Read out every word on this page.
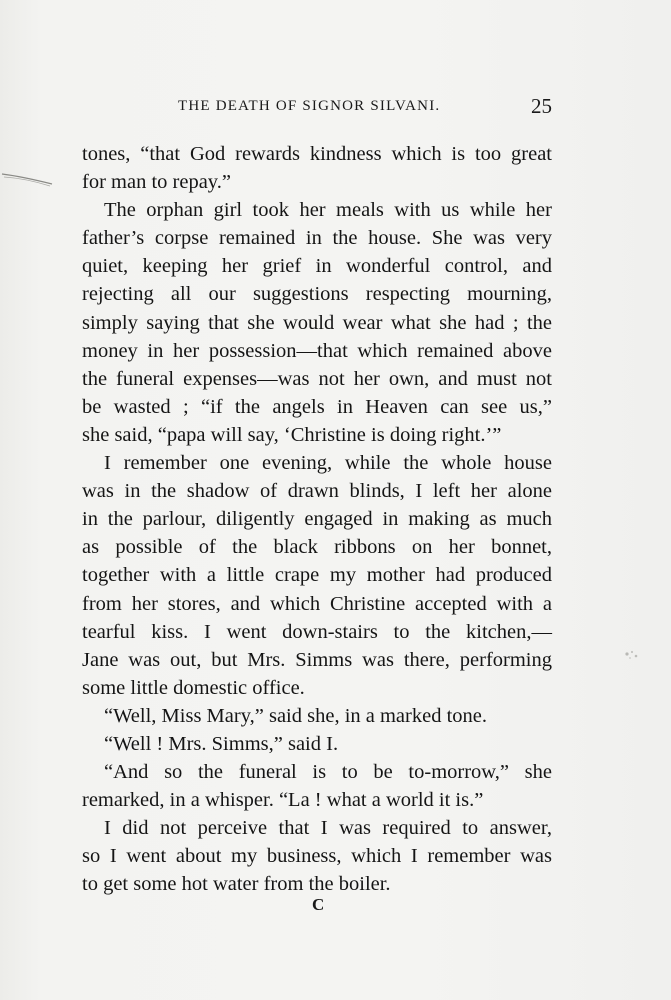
THE DEATH OF SIGNOR SILVANI.	25
tones, “that God rewards kindness which is too great
for man to repay.”
The orphan girl took her meals with us while her
father’s corpse remained in the house. She was very
quiet, keeping her grief in wonderful control, and
rejecting all our suggestions respecting mourning,
simply saying that she would wear what she had ; the
money in her possession—that which remained above
the funeral expenses—was not her own, and must not
be wasted ; “if the angels in Heaven can see us,”
she said, “papa will say, ‘Christine is doing right.’”
I remember one evening, while the whole house
was in the shadow of drawn blinds, I left her alone
in the parlour, diligently engaged in making as much
as possible of the black ribbons on her bonnet,
together with a little crape my mother had produced
from her stores, and which Christine accepted with a
tearful kiss. I went down-stairs to the kitchen,—
Jane was out, but Mrs. Simms was there, performing
some little domestic office.
“Well, Miss Mary,” said she, in a marked tone.
“Well ! Mrs. Simms,” said I.
“And so the funeral is to be to-morrow,” she
remarked, in a whisper. “La ! what a world it is.”
I did not perceive that I was required to answer,
so I went about my business, which I remember was
to get some hot water from the boiler.
C
